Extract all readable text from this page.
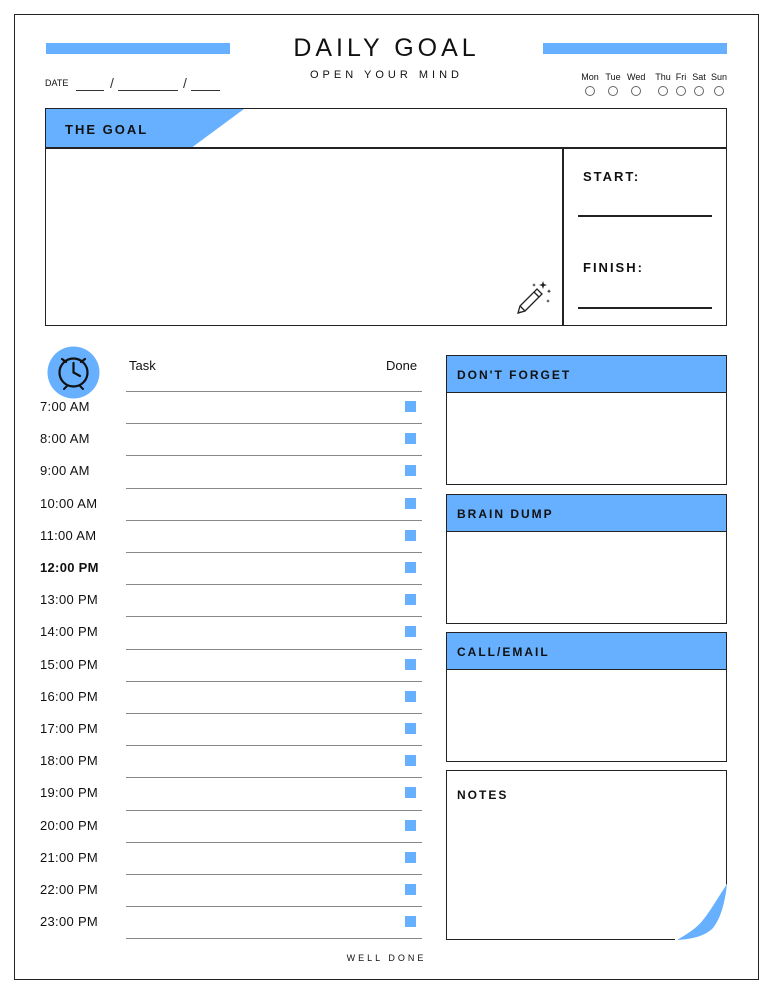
DAILY GOAL
OPEN YOUR MIND
DATE	/	/	Mon Tue Wed Thu Fri Sat Sun
THE GOAL
START:
FINISH:
Task	Done
7:00 AM
8:00 AM
9:00 AM
10:00 AM
11:00 AM
12:00 PM
13:00 PM
14:00 PM
15:00 PM
16:00 PM
17:00 PM
18:00 PM
19:00 PM
20:00 PM
21:00 PM
22:00 PM
23:00 PM
DON'T FORGET
BRAIN DUMP
CALL/EMAIL
NOTES
WELL DONE
